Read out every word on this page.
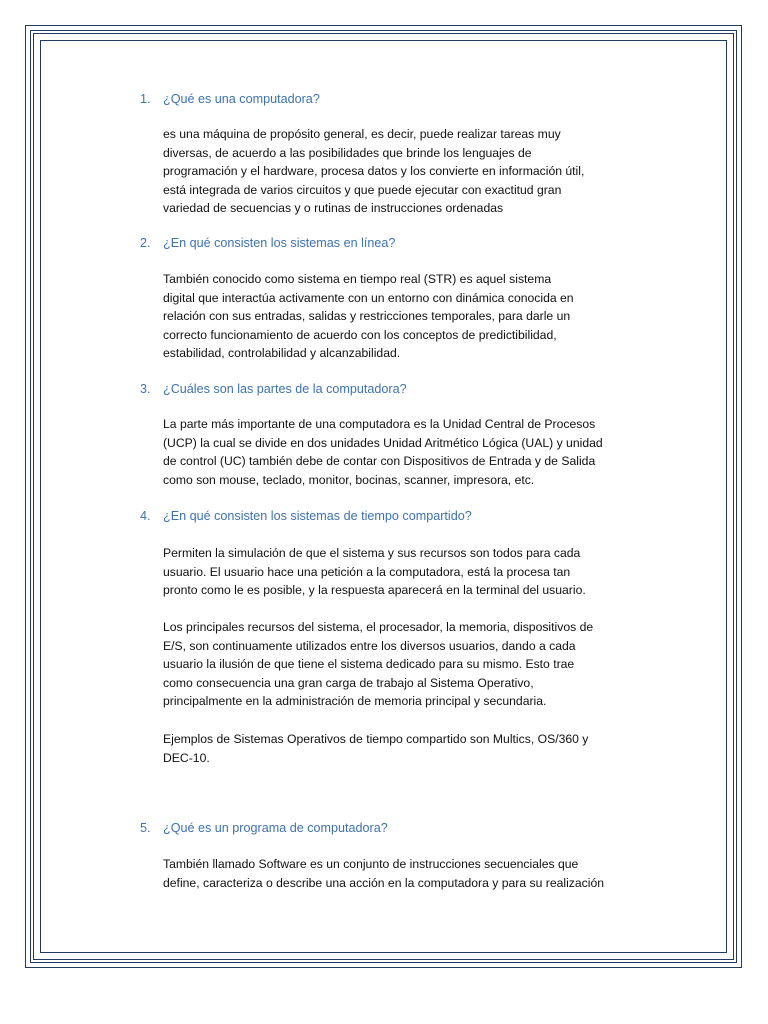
1. ¿Qué es una computadora?
es una máquina de propósito general, es decir, puede realizar tareas muy
diversas, de acuerdo a las posibilidades que brinde los lenguajes de
programación y el hardware, procesa datos y los convierte en información útil,
está integrada de varios circuitos y que puede ejecutar con exactitud gran
variedad de secuencias y o rutinas de instrucciones ordenadas
2. ¿En qué consisten los sistemas en línea?
También conocido como sistema en tiempo real (STR) es aquel sistema
digital que interactúa activamente con un entorno con dinámica conocida en
relación con sus entradas, salidas y restricciones temporales, para darle un
correcto funcionamiento de acuerdo con los conceptos de predictibilidad,
estabilidad, controlabilidad y alcanzabilidad.
3. ¿Cuáles son las partes de la computadora?
La parte más importante de una computadora es la Unidad Central de Procesos
(UCP) la cual se divide en dos unidades Unidad Aritmético Lógica (UAL) y unidad
de control (UC) también debe de contar con Dispositivos de Entrada y de Salida
como son mouse, teclado, monitor, bocinas, scanner, impresora, etc.
4. ¿En qué consisten los sistemas de tiempo compartido?
Permiten la simulación de que el sistema y sus recursos son todos para cada
usuario. El usuario hace una petición a la computadora, está la procesa tan
pronto como le es posible, y la respuesta aparecerá en la terminal del usuario.
Los principales recursos del sistema, el procesador, la memoria, dispositivos de
E/S, son continuamente utilizados entre los diversos usuarios, dando a cada
usuario la ilusión de que tiene el sistema dedicado para su mismo. Esto trae
como consecuencia una gran carga de trabajo al Sistema Operativo,
principalmente en la administración de memoria principal y secundaria.
Ejemplos de Sistemas Operativos de tiempo compartido son Multics, OS/360 y
DEC-10.
5. ¿Qué es un programa de computadora?
También llamado Software es un conjunto de instrucciones secuenciales que
define, caracteriza o describe una acción en la computadora y para su realización
